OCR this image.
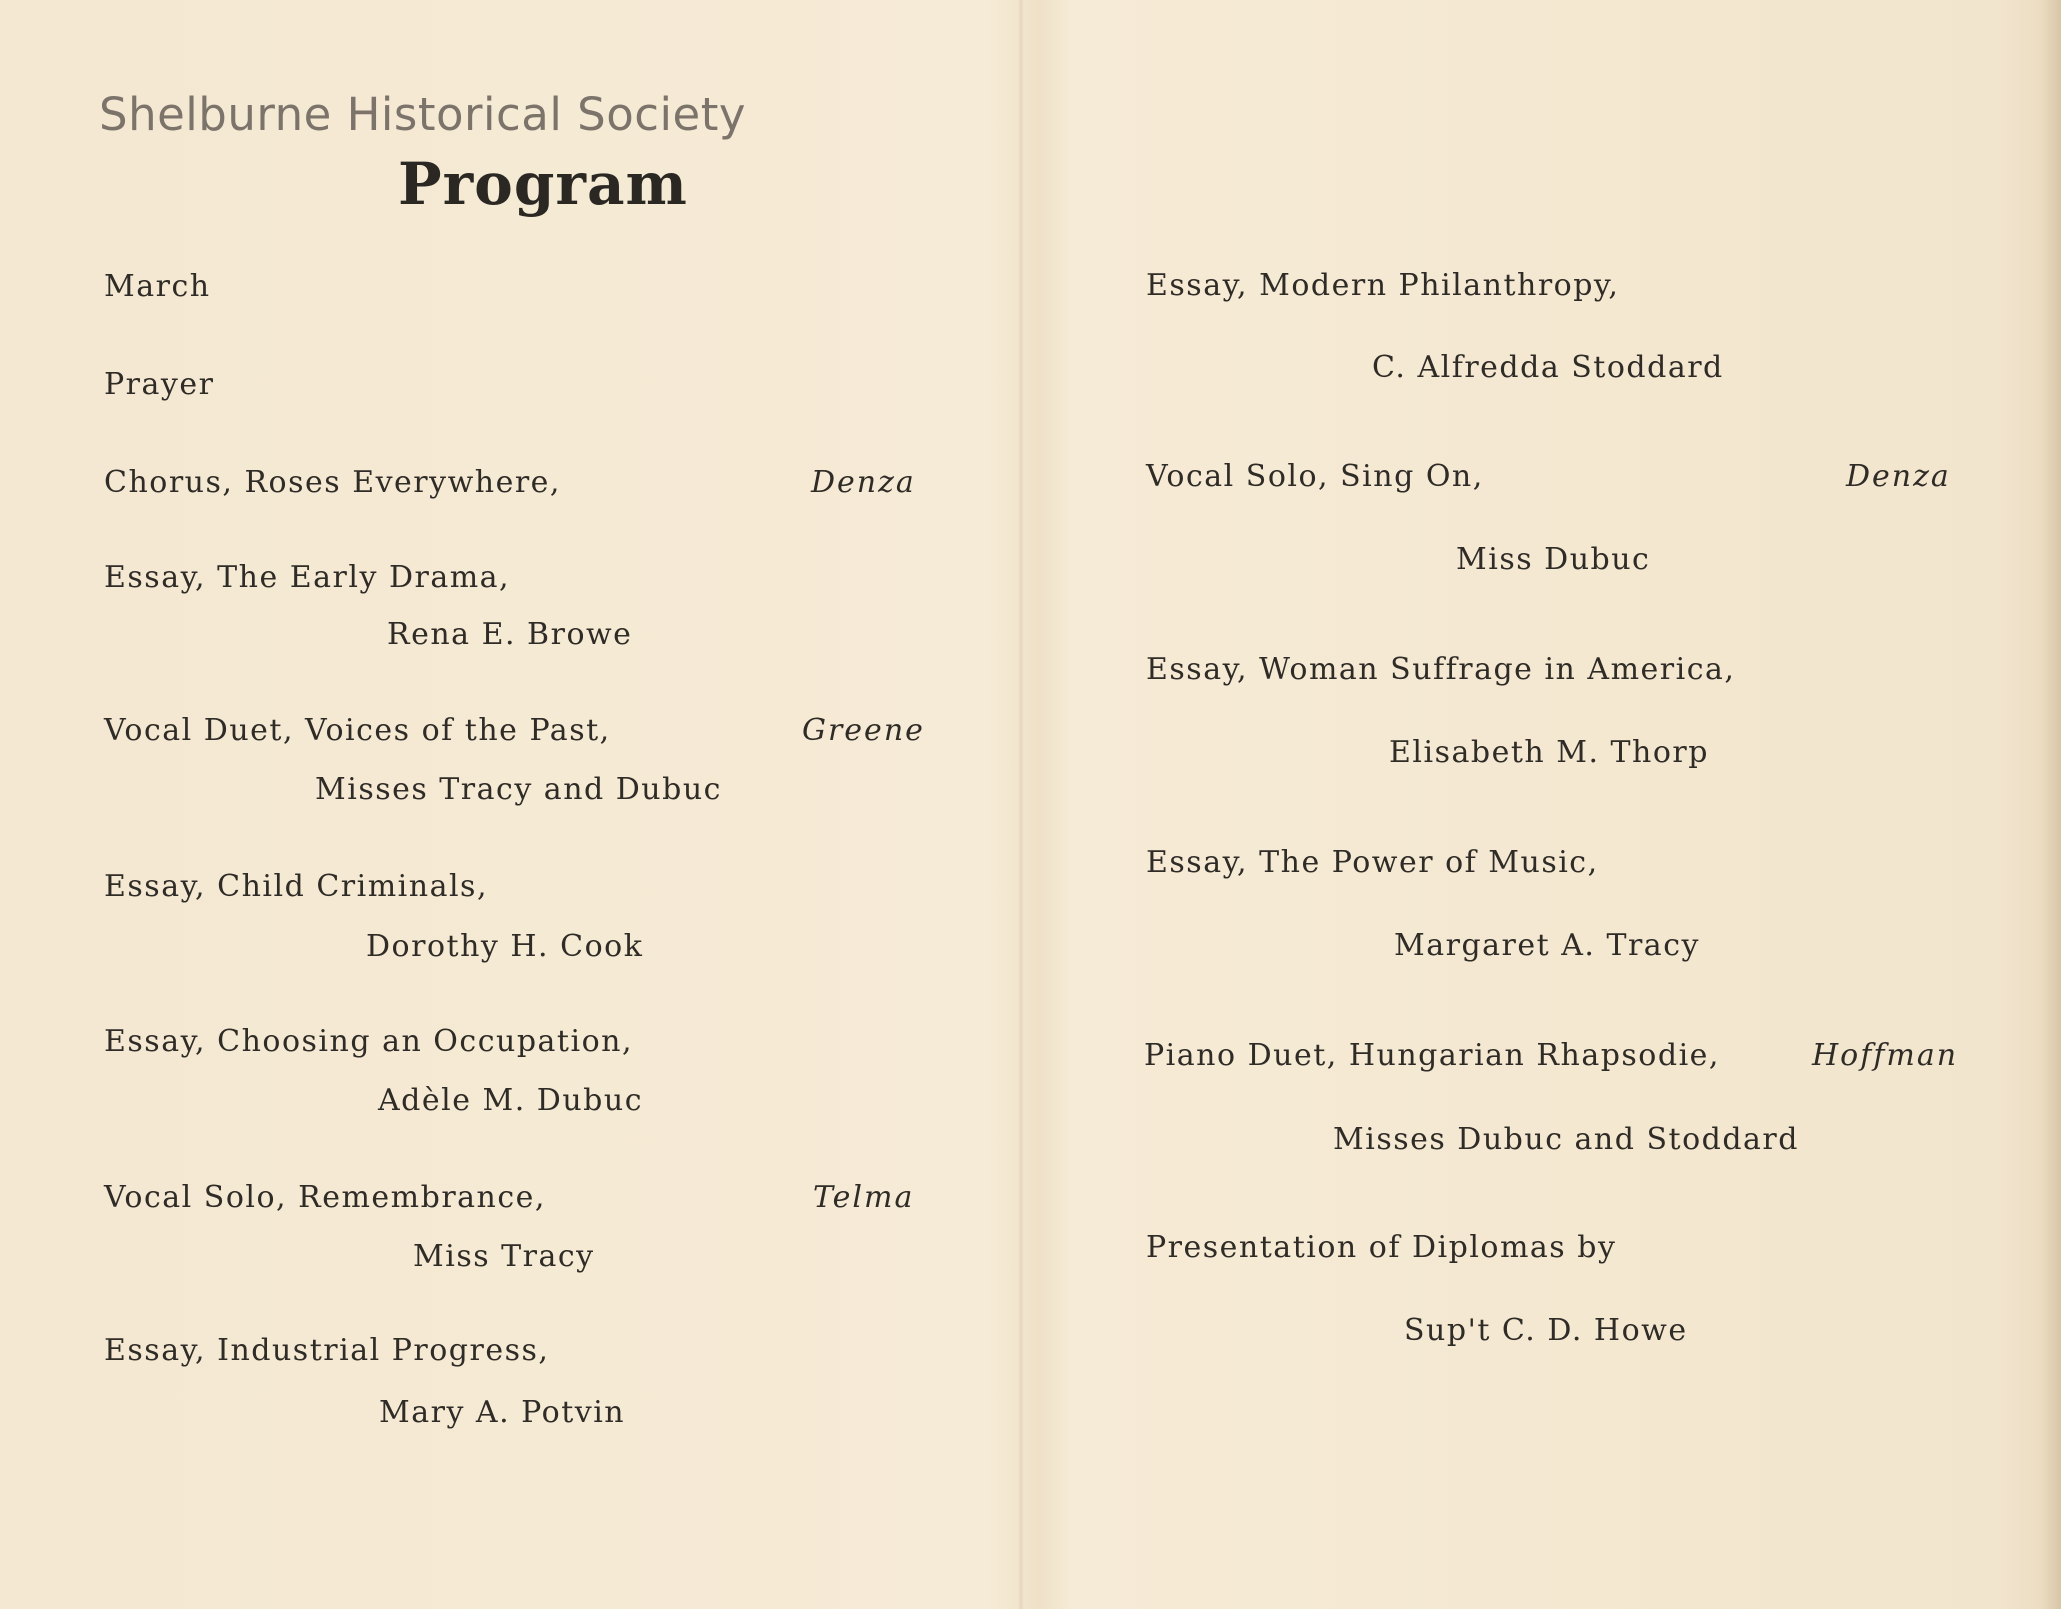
Shelburne Historical Society
Program
March
Prayer
Chorus, Roses Everywhere,	Denza
Essay, The Early Drama,
Rena E. Browe
Vocal Duet, Voices of the Past,	Greene
Misses Tracy and Dubuc
Essay, Child Criminals,
Dorothy H. Cook
Essay, Choosing an Occupation,
Adèle M. Dubuc
Vocal Solo, Remembrance,	Telma
Miss Tracy
Essay, Industrial Progress,
Mary A. Potvin
Essay, Modern Philanthropy,
C. Alfredda Stoddard
Vocal Solo, Sing On,	Denza
Miss Dubuc
Essay, Woman Suffrage in America,
Elisabeth M. Thorp
Essay, The Power of Music,
Margaret A. Tracy
Piano Duet, Hungarian Rhapsodie,	Hoffman
Misses Dubuc and Stoddard
Presentation of Diplomas by
Sup't C. D. Howe
